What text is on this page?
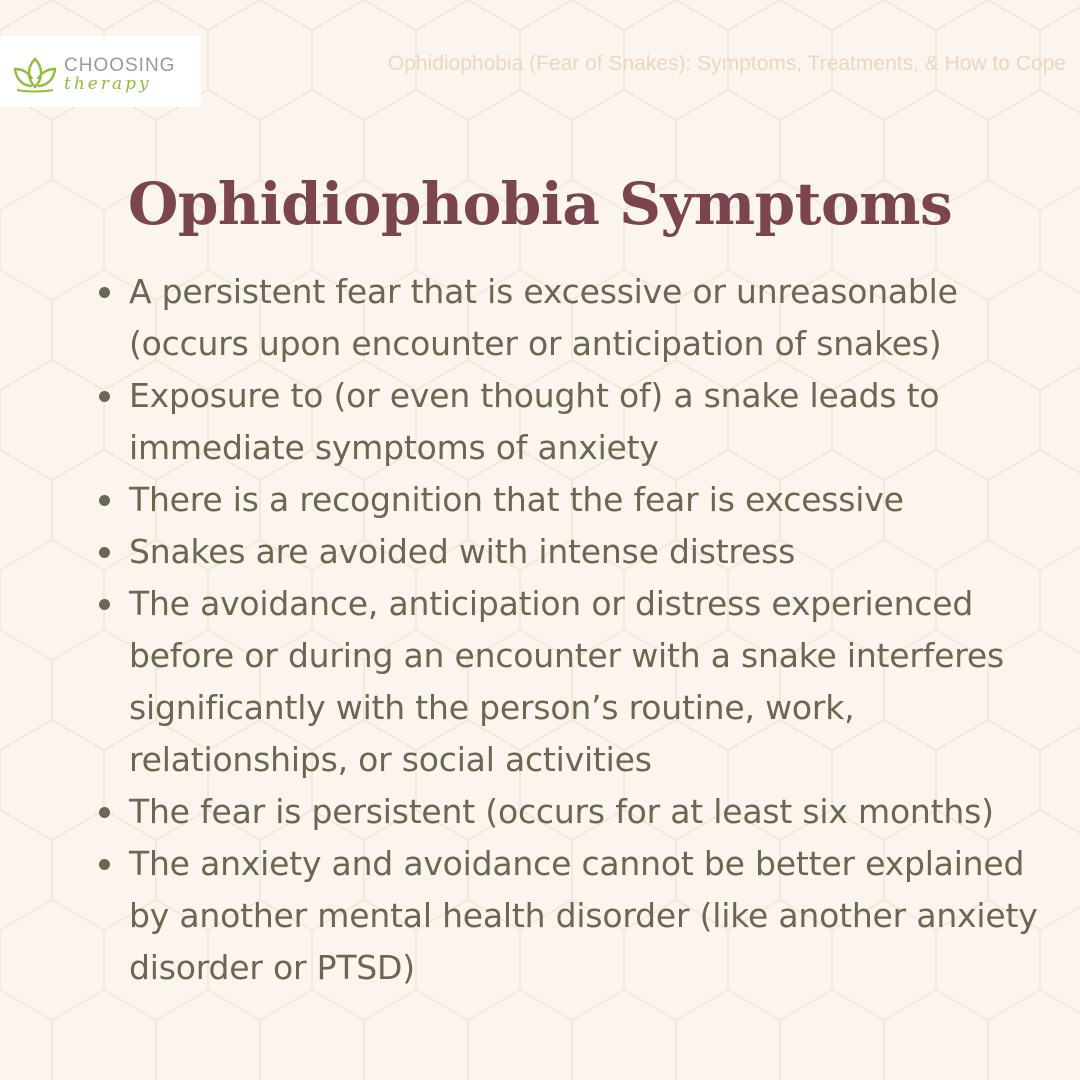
CHOOSING
therapy
Ophidiophobia (Fear of Snakes): Symptoms, Treatments, & How to Cope
Ophidiophobia Symptoms
A persistent fear that is excessive or unreasonable (occurs upon encounter or anticipation of snakes)
Exposure to (or even thought of) a snake leads to immediate symptoms of anxiety
There is a recognition that the fear is excessive
Snakes are avoided with intense distress
The avoidance, anticipation or distress experienced before or during an encounter with a snake interferes significantly with the person’s routine, work, relationships, or social activities
The fear is persistent (occurs for at least six months)
The anxiety and avoidance cannot be better explained by another mental health disorder (like another anxiety disorder or PTSD)
